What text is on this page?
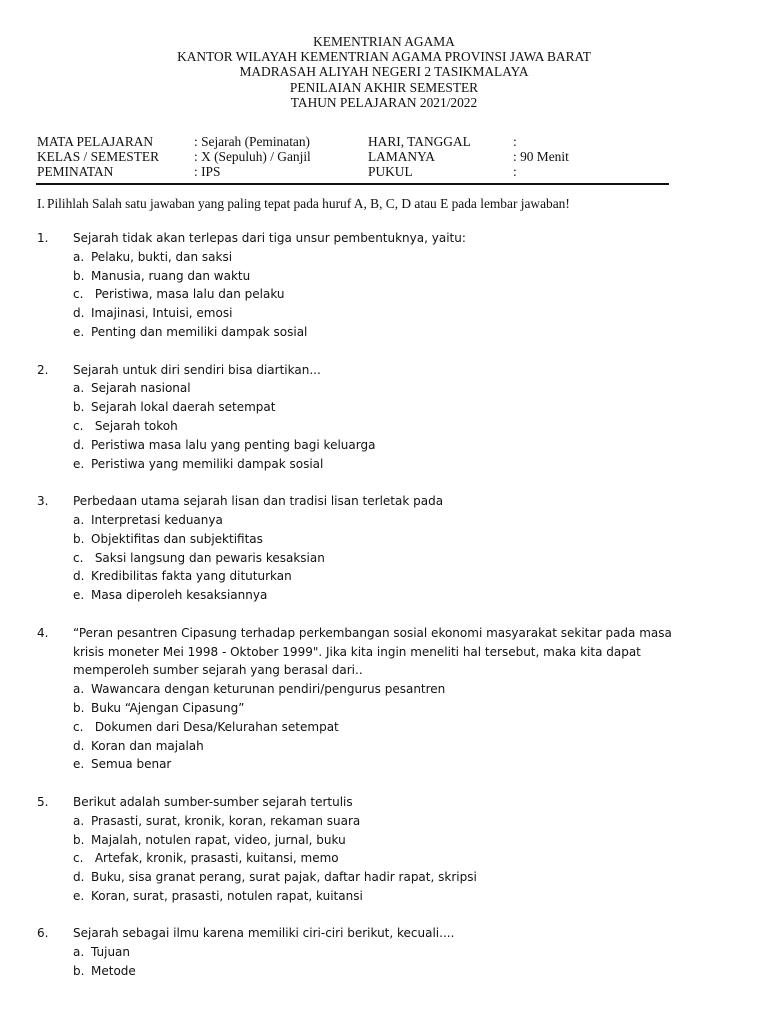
KEMENTRIAN AGAMA
KANTOR WILAYAH KEMENTRIAN AGAMA PROVINSI JAWA BARAT
MADRASAH ALIYAH NEGERI 2 TASIKMALAYA
PENILAIAN AKHIR SEMESTER
TAHUN PELAJARAN 2021/2022
MATA PELAJARAN	: Sejarah (Peminatan)	HARI, TANGGAL	:
KELAS / SEMESTER	: X (Sepuluh) / Ganjil	LAMANYA	: 90 Menit
PEMINATAN	: IPS	PUKUL	:
I. Pilihlah Salah satu jawaban yang paling tepat pada huruf A, B, C, D atau E pada lembar jawaban!
1. Sejarah tidak akan terlepas dari tiga unsur pembentuknya, yaitu:
a. Pelaku, bukti, dan saksi
b. Manusia, ruang dan waktu
c. Peristiwa, masa lalu dan pelaku
d. Imajinasi, Intuisi, emosi
e. Penting dan memiliki dampak sosial
2. Sejarah untuk diri sendiri bisa diartikan...
a. Sejarah nasional
b. Sejarah lokal daerah setempat
c. Sejarah tokoh
d. Peristiwa masa lalu yang penting bagi keluarga
e. Peristiwa yang memiliki dampak sosial
3. Perbedaan utama sejarah lisan dan tradisi lisan terletak pada
a. Interpretasi keduanya
b. Objektifitas dan subjektifitas
c. Saksi langsung dan pewaris kesaksian
d. Kredibilitas fakta yang dituturkan
e. Masa diperoleh kesaksiannya
4. “Peran pesantren Cipasung terhadap perkembangan sosial ekonomi masyarakat sekitar pada masa krisis moneter Mei 1998 - Oktober 1999". Jika kita ingin meneliti hal tersebut, maka kita dapat memperoleh sumber sejarah yang berasal dari..
a. Wawancara dengan keturunan pendiri/pengurus pesantren
b. Buku “Ajengan Cipasung”
c. Dokumen dari Desa/Kelurahan setempat
d. Koran dan majalah
e. Semua benar
5. Berikut adalah sumber-sumber sejarah tertulis
a. Prasasti, surat, kronik, koran, rekaman suara
b. Majalah, notulen rapat, video, jurnal, buku
c. Artefak, kronik, prasasti, kuitansi, memo
d. Buku, sisa granat perang, surat pajak, daftar hadir rapat, skripsi
e. Koran, surat, prasasti, notulen rapat, kuitansi
6. Sejarah sebagai ilmu karena memiliki ciri-ciri berikut, kecuali....
a. Tujuan
b. Metode
